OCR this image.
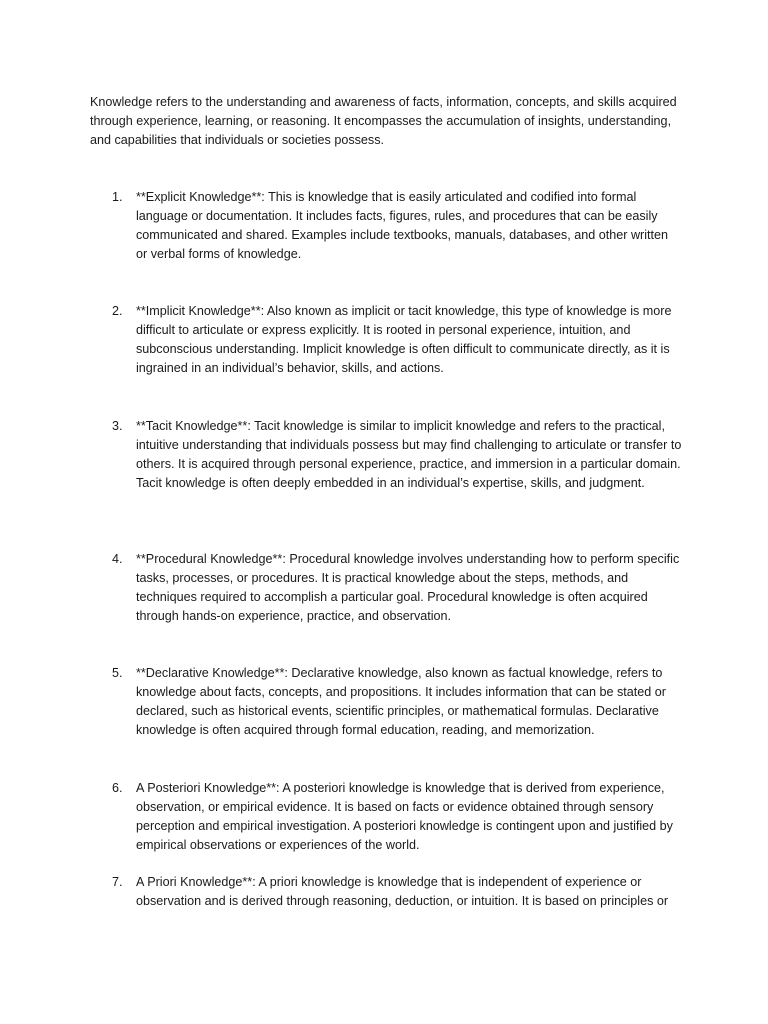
Knowledge refers to the understanding and awareness of facts, information, concepts, and skills acquired through experience, learning, or reasoning. It encompasses the accumulation of insights, understanding, and capabilities that individuals or societies possess.

1.	**Explicit Knowledge**: This is knowledge that is easily articulated and codified into formal language or documentation. It includes facts, figures, rules, and procedures that can be easily communicated and shared. Examples include textbooks, manuals, databases, and other written or verbal forms of knowledge.

2.	**Implicit Knowledge**: Also known as implicit or tacit knowledge, this type of knowledge is more difficult to articulate or express explicitly. It is rooted in personal experience, intuition, and subconscious understanding. Implicit knowledge is often difficult to communicate directly, as it is ingrained in an individual’s behavior, skills, and actions.

3.	**Tacit Knowledge**: Tacit knowledge is similar to implicit knowledge and refers to the practical, intuitive understanding that individuals possess but may find challenging to articulate or transfer to others. It is acquired through personal experience, practice, and immersion in a particular domain. Tacit knowledge is often deeply embedded in an individual’s expertise, skills, and judgment.

4.	**Procedural Knowledge**: Procedural knowledge involves understanding how to perform specific tasks, processes, or procedures. It is practical knowledge about the steps, methods, and techniques required to accomplish a particular goal. Procedural knowledge is often acquired through hands-on experience, practice, and observation.

5.	**Declarative Knowledge**: Declarative knowledge, also known as factual knowledge, refers to knowledge about facts, concepts, and propositions. It includes information that can be stated or declared, such as historical events, scientific principles, or mathematical formulas. Declarative knowledge is often acquired through formal education, reading, and memorization.

6.	A Posteriori Knowledge**: A posteriori knowledge is knowledge that is derived from experience, observation, or empirical evidence. It is based on facts or evidence obtained through sensory perception and empirical investigation. A posteriori knowledge is contingent upon and justified by empirical observations or experiences of the world.

7.	A Priori Knowledge**: A priori knowledge is knowledge that is independent of experience or observation and is derived through reasoning, deduction, or intuition. It is based on principles or
